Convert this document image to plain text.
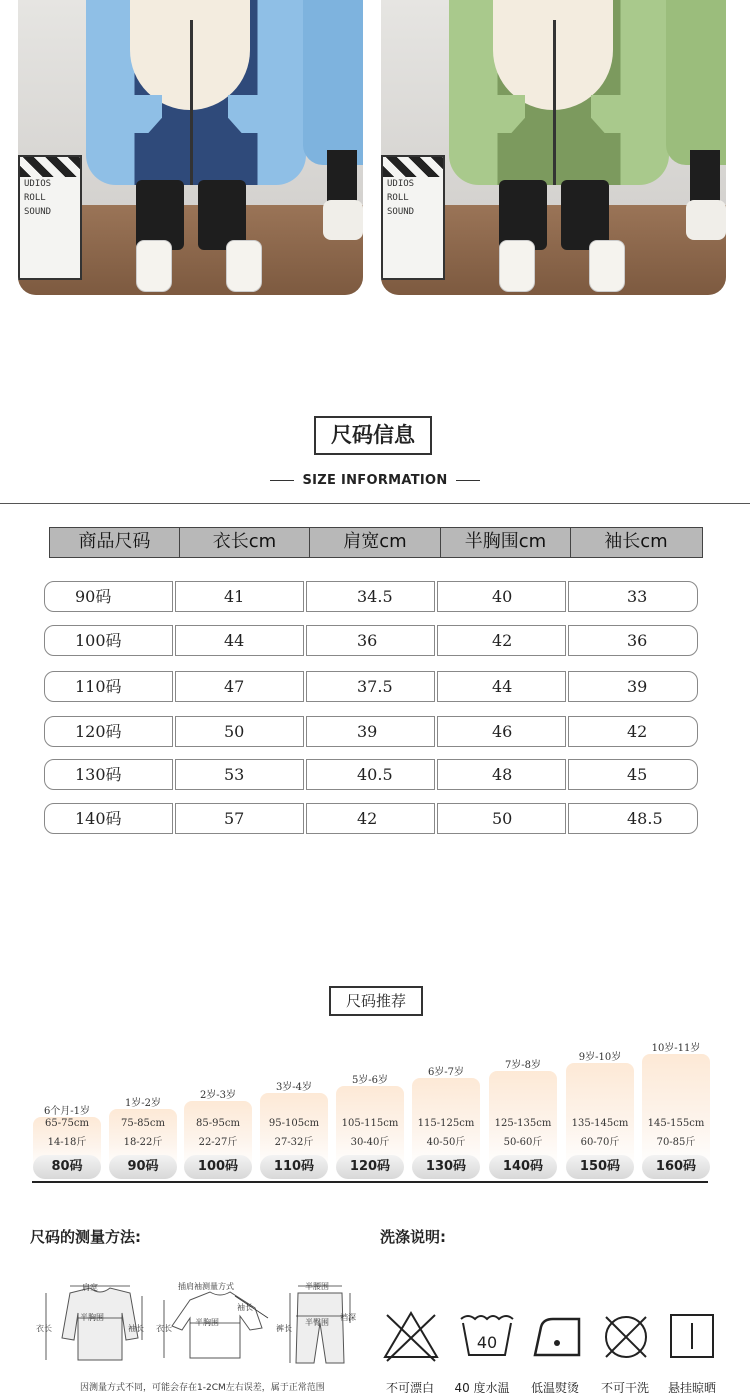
UDIOS
ROLL
SOUND
UDIOS
ROLL
SOUND
尺码信息
SIZE INFORMATION
商品尺码	衣长cm	肩宽cm	半胸围cm	袖长cm
90码	41	34.5	40	33
100码	44	36	42	36
110码	47	37.5	44	39
120码	50	39	46	42
130码	53	40.5	48	45
140码	57	42	50	48.5
尺码推荐
6个月-1岁
65-75cm
14-18斤
80码
1岁-2岁
75-85cm
18-22斤
90码
2岁-3岁
85-95cm
22-27斤
100码
3岁-4岁
95-105cm
27-32斤
110码
5岁-6岁
105-115cm
30-40斤
120码
6岁-7岁
115-125cm
40-50斤
130码
7岁-8岁
125-135cm
50-60斤
140码
9岁-10岁
135-145cm
60-70斤
150码
10岁-11岁
145-155cm
70-85斤
160码
尺码的测量方法:
肩宽
半胸围
衣长	袖长
插肩袖测量方式
袖长
半胸围
衣长
半腰围
半臀围
裤长
裆深
因测量方式不同，可能会存在1-2CM左右误差，属于正常范围
洗涤说明:
40
不可漂白	40 度水温	低温熨烫	不可干洗	悬挂晾晒
